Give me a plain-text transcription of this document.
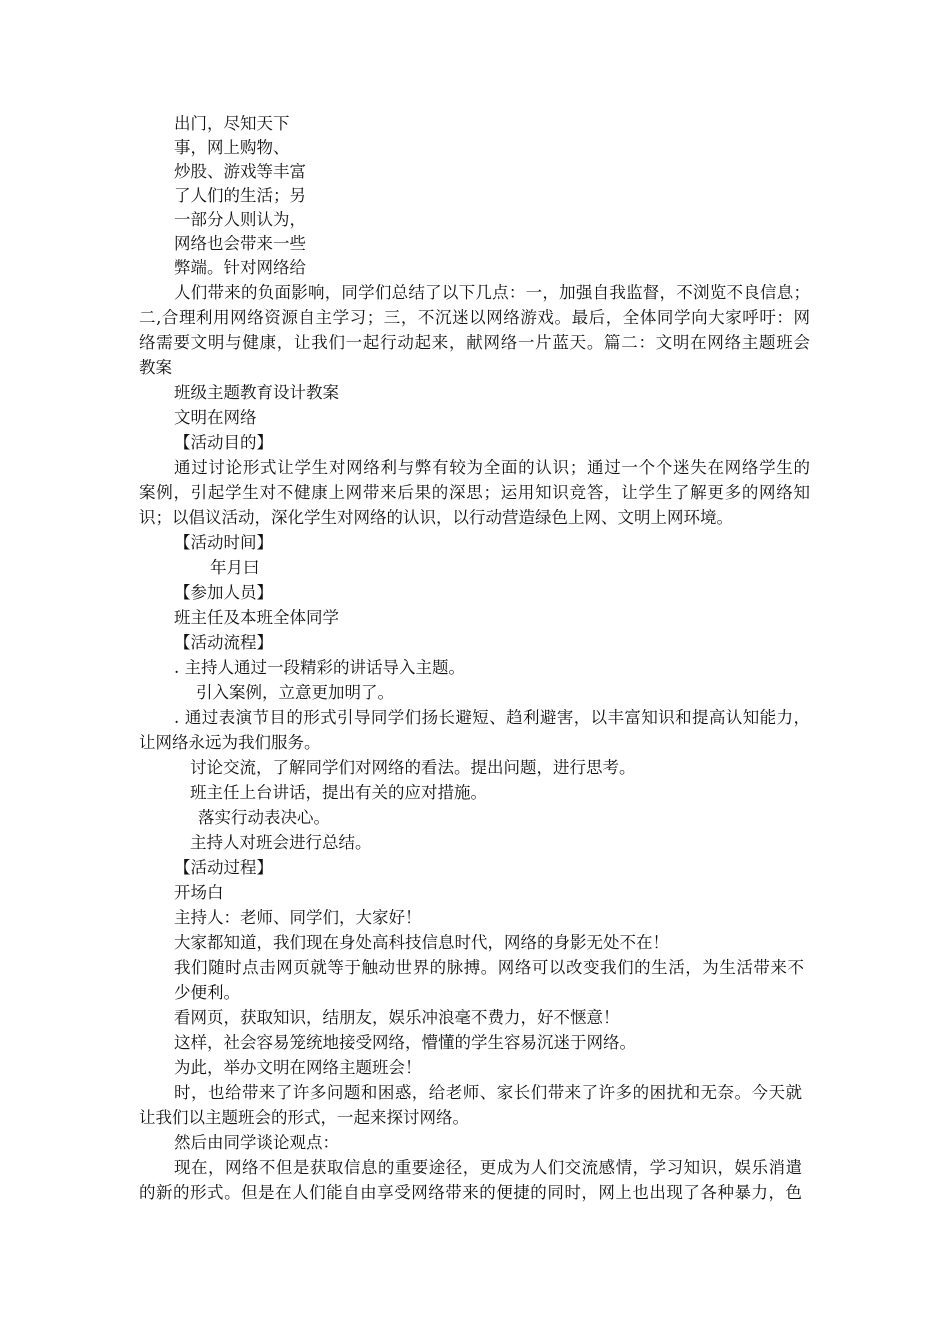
出门，尽知天下
事，网上购物、
炒股、游戏等丰富
了人们的生活；另
一部分人则认为，
网络也会带来一些
弊端。针对网络给
人们带来的负面影响，同学们总结了以下几点：一，加强自我监督，不浏览不良信息；
二,合理利用网络资源自主学习；三，不沉迷以网络游戏。最后，全体同学向大家呼吁：网
络需要文明与健康，让我们一起行动起来，献网络一片蓝天。篇二：文明在网络主题班会
教案
班级主题教育设计教案
文明在网络
【活动目的】
通过讨论形式让学生对网络利与弊有较为全面的认识；通过一个个迷失在网络学生的
案例，引起学生对不健康上网带来后果的深思；运用知识竞答，让学生了解更多的网络知
识；以倡议活动，深化学生对网络的认识，以行动营造绿色上网、文明上网环境。
【活动时间】
年月曰
【参加人员】
班主任及本班全体同学
【活动流程】
. 主持人通过一段精彩的讲话导入主题。
引入案例，立意更加明了。
. 通过表演节目的形式引导同学们扬长避短、趋利避害，以丰富知识和提高认知能力，
让网络永远为我们服务。
讨论交流，了解同学们对网络的看法。提出问题，进行思考。
班主任上台讲话，提出有关的应对措施。
落实行动表决心。
主持人对班会进行总结。
【活动过程】
开场白
主持人：老师、同学们，大家好！
大家都知道，我们现在身处高科技信息时代，网络的身影无处不在！
我们随时点击网页就等于触动世界的脉搏。网络可以改变我们的生活，为生活带来不
少便利。
看网页，获取知识，结朋友，娱乐冲浪毫不费力，好不惬意！
这样，社会容易笼统地接受网络，懵懂的学生容易沉迷于网络。
为此，举办文明在网络主题班会！
时，也给带来了许多问题和困惑，给老师、家长们带来了许多的困扰和无奈。今天就
让我们以主题班会的形式，一起来探讨网络。
然后由同学谈论观点：
现在，网络不但是获取信息的重要途径，更成为人们交流感情，学习知识，娱乐消遣
的新的形式。但是在人们能自由享受网络带来的便捷的同时，网上也出现了各种暴力，色
